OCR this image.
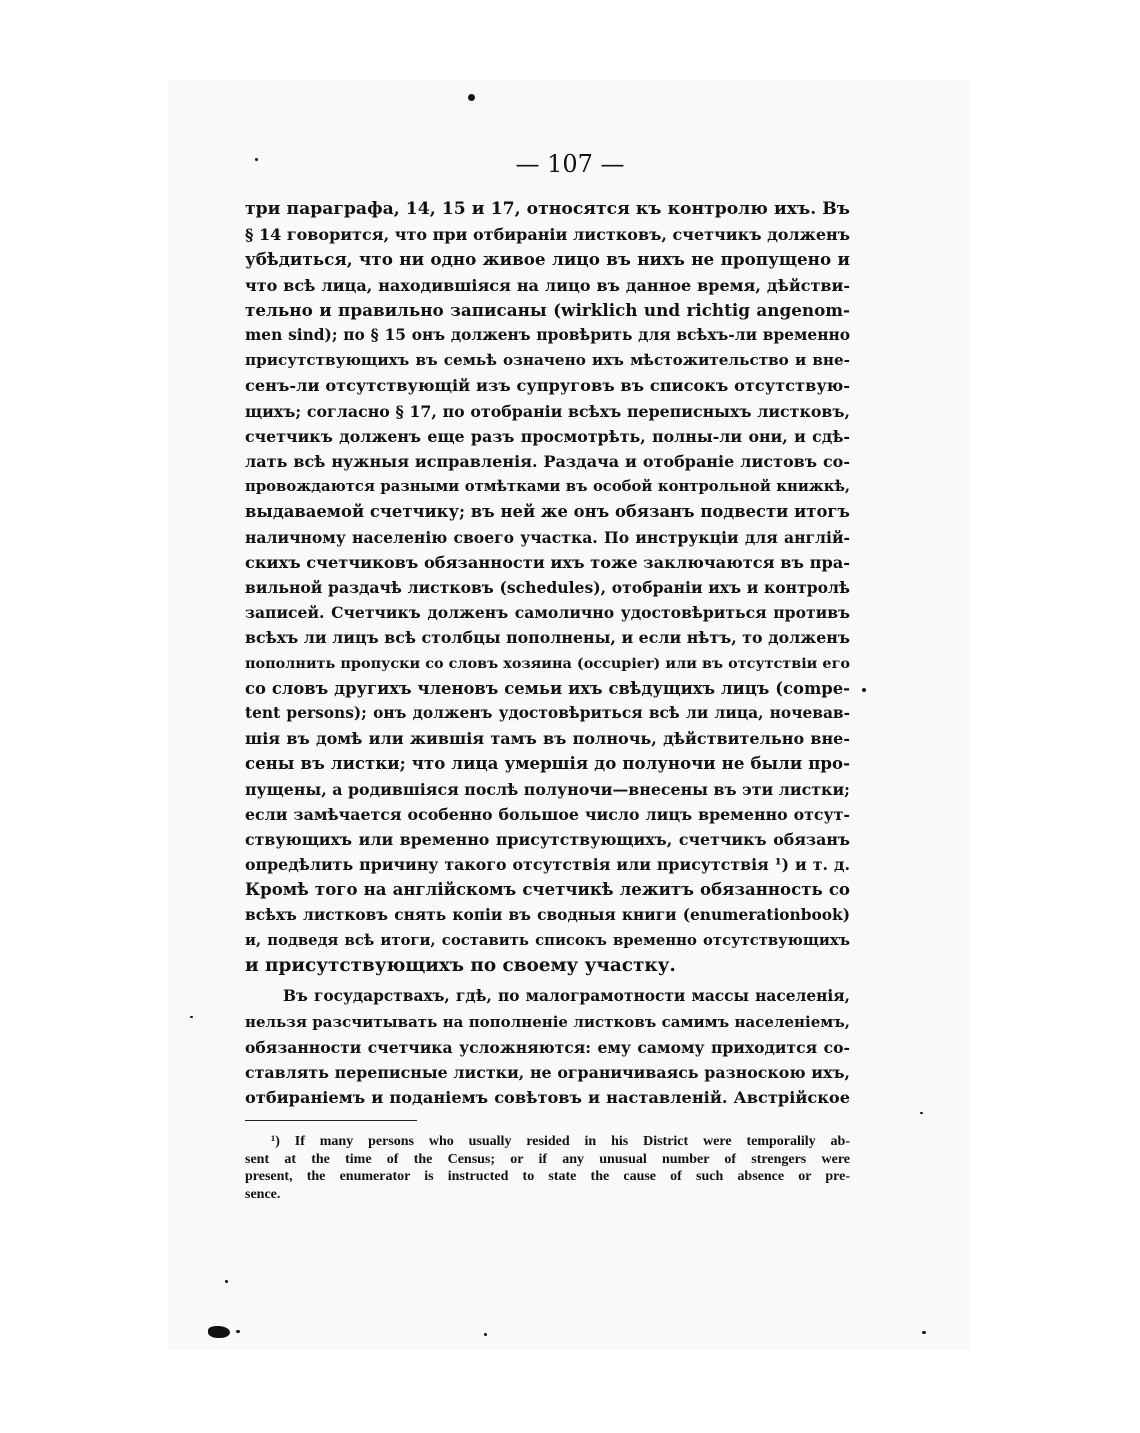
— 107 —
три параграфа, 14, 15 и 17, относятся къ контролю ихъ. Въ
§ 14 говорится, что при отбиранiи листковъ, счетчикъ долженъ
убѣдиться, что ни одно живое лицо въ нихъ не пропущено и
что всѣ лица, находившiяся на лицо въ данное время, дѣйстви-
тельно и правильно записаны (wirklich und richtig angenom-
men sind); по § 15 онъ долженъ провѣрить для всѣхъ-ли временно
присутствующихъ въ семьѣ означено ихъ мѣстожительство и вне-
сенъ-ли отсутствующiй изъ супруговъ въ списокъ отсутствую-
щихъ; согласно § 17, по отобранiи всѣхъ переписныхъ листковъ,
счетчикъ долженъ еще разъ просмотрѣть, полны-ли они, и сдѣ-
лать всѣ нужныя исправленiя. Раздача и отобранiе листовъ со-
провождаются разными отмѣтками въ особой контрольной книжкѣ,
выдаваемой счетчику; въ ней же онъ обязанъ подвести итогъ
наличному населенiю своего участка. По инструкцiи для англiй-
скихъ счетчиковъ обязанности ихъ тоже заключаются въ пра-
вильной раздачѣ листковъ (schedules), отобранiи ихъ и контролѣ
записей. Счетчикъ долженъ самолично удостовѣриться противъ
всѣхъ ли лицъ всѣ столбцы пополнены, и если нѣтъ, то долженъ
пополнить пропуски со словъ хозяина (occupier) или въ отсутствiи его
со словъ другихъ членовъ семьи ихъ свѣдущихъ лицъ (compe-
tent persons); онъ долженъ удостовѣриться всѣ ли лица, ночевав-
шiя въ домѣ или жившiя тамъ въ полночь, дѣйствительно вне-
сены въ листки; что лица умершiя до полуночи не были про-
пущены, а родившiяся послѣ полуночи—внесены въ эти листки;
если замѣчается особенно большое число лицъ временно отсут-
ствующихъ или временно присутствующихъ, счетчикъ обязанъ
опредѣлить причину такого отсутствiя или присутствiя ¹) и т. д.
Кромѣ того на англiйскомъ счетчикѣ лежитъ обязанность со
всѣхъ листковъ снять копiи въ сводныя книги (enumerationbook)
и, подведя всѣ итоги, составить списокъ временно отсутствующихъ
и присутствующихъ по своему участку.
Въ государствахъ, гдѣ, по малограмотности массы населенiя,
нельзя разсчитывать на пополненiе листковъ самимъ населенiемъ,
обязанности счетчика усложняются: ему самому приходится со-
ставлять переписные листки, не ограничиваясь разноскою ихъ,
отбиранiемъ и поданiемъ совѣтовъ и наставленiй. Австрiйское
¹) If many persons who usually resided in his District were temporalily ab-
sent at the time of the Census; or if any unusual number of strengers were
present, the enumerator is instructed to state the cause of such absence or pre-
sence.
